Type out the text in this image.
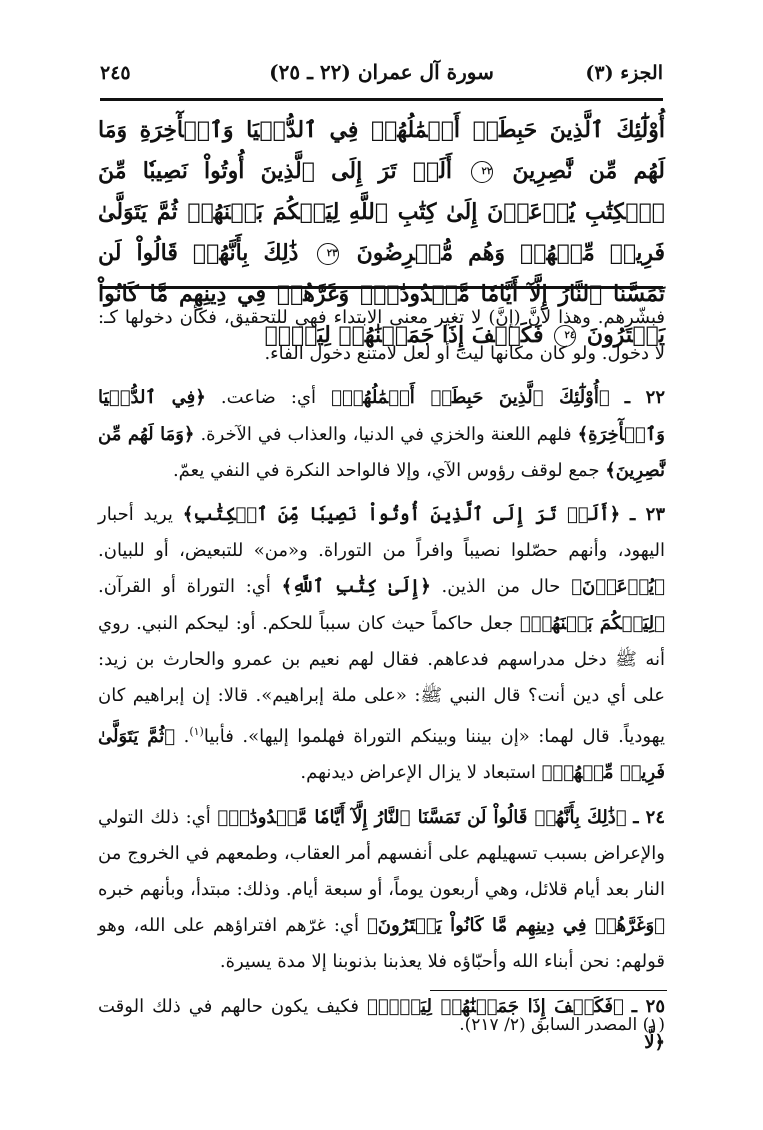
الجزء (٣)
سورة آل عمران (٢٢ ـ ٢٥)
٢٤٥
أُوْلَٰٓئِكَ ٱلَّذِينَ حَبِطَتۡ أَعۡمَٰلُهُمۡ فِي ٱلدُّنۡيَا وَٱلۡأٓخِرَةِ وَمَا لَهُم مِّن نَّٰصِرِينَ ٢٢ أَلَمۡ تَرَ إِلَى ٱلَّذِينَ أُوتُواْ نَصِيبٗا مِّنَ ٱلۡكِتَٰبِ يُدۡعَوۡنَ إِلَىٰ كِتَٰبِ ٱللَّهِ لِيَحۡكُمَ بَيۡنَهُمۡ ثُمَّ يَتَوَلَّىٰ فَرِيقٞ مِّنۡهُمۡ وَهُم مُّعۡرِضُونَ ٢٣ ذَٰلِكَ بِأَنَّهُمۡ قَالُواْ لَن تَمَسَّنَا ٱلنَّارُ إِلَّآ أَيَّامٗا مَّعۡدُودَٰتٖۖ وَغَرَّهُمۡ فِي دِينِهِم مَّا كَانُواْ يَفۡتَرُونَ ٢٤ فَكَيۡفَ إِذَا جَمَعۡنَٰهُمۡ لِيَوۡمٖ

فبشّرهم. وهذا لأنَّ (إنَّ) لا تغير معنى الابتداء فهي للتحقيق، فكأن دخولها كـ: لا دخول. ولو كان مكانها ليت أو لعل لامتنع دخول الفاء.

٢٢ ـ ﴿أُوْلَٰٓئِكَ ٱلَّذِينَ حَبِطَتۡ أَعۡمَٰلُهُمۡ﴾ أي: ضاعت. ﴿فِي ٱلدُّنۡيَا وَٱلۡأٓخِرَةِ﴾ فلهم اللعنة والخزي في الدنيا، والعذاب في الآخرة. ﴿وَمَا لَهُم مِّن نَّٰصِرِينَ﴾ جمع لوقف رؤوس الآي، وإلا فالواحد النكرة في النفي يعمّ.

٢٣ ـ ﴿أَلَمۡ تَرَ إِلَى ٱلَّذِينَ أُوتُواْ نَصِيبٗا مِّنَ ٱلۡكِتَٰبِ﴾ يريد أحبار اليهود، وأنهم حصّلوا نصيباً وافراً من التوراة. و«من» للتبعيض، أو للبيان. ﴿يُدۡعَوۡنَ﴾ حال من الذين. ﴿إِلَىٰ كِتَٰبِ ٱللَّهِ﴾ أي: التوراة أو القرآن. ﴿لِيَحۡكُمَ بَيۡنَهُمۡ﴾ جعل حاكماً حيث كان سبباً للحكم. أو: ليحكم النبي. روي أنه ﷺ دخل مدراسهم فدعاهم. فقال لهم نعيم بن عمرو والحارث بن زيد: على أي دين أنت؟ قال النبي ﷺ: «على ملة إبراهيم». قالا: إن إبراهيم كان يهودياً. قال لهما: «إن بيننا وبينكم التوراة فهلموا إليها». فأبيا$^{(١)}$. ﴿ثُمَّ يَتَوَلَّىٰ فَرِيقٞ مِّنۡهُمۡ﴾ استبعاد لا يزال الإعراض ديدنهم.

٢٤ ـ ﴿ذَٰلِكَ بِأَنَّهُمۡ قَالُواْ لَن تَمَسَّنَا ٱلنَّارُ إِلَّآ أَيَّامٗا مَّعۡدُودَٰتٖ﴾ أي: ذلك التولي والإعراض بسبب تسهيلهم على أنفسهم أمر العقاب، وطمعهم في الخروج من النار بعد أيام قلائل، وهي أربعون يوماً، أو سبعة أيام. وذلك: مبتدأ، وبأنهم خبره ﴿وَغَرَّهُمۡ فِي دِينِهِم مَّا كَانُواْ يَفۡتَرُونَ﴾ أي: غرّهم افتراؤهم على الله، وهو قولهم: نحن أبناء الله وأحبّاؤه فلا يعذبنا بذنوبنا إلا مدة يسيرة.

٢٥ ـ ﴿فَكَيۡفَ إِذَا جَمَعۡنَٰهُمۡ لِيَوۡمٖ﴾ فكيف يكون حالهم في ذلك الوقت ﴿لَّا

(١) المصدر السابق (٢/ ٢١٧).
